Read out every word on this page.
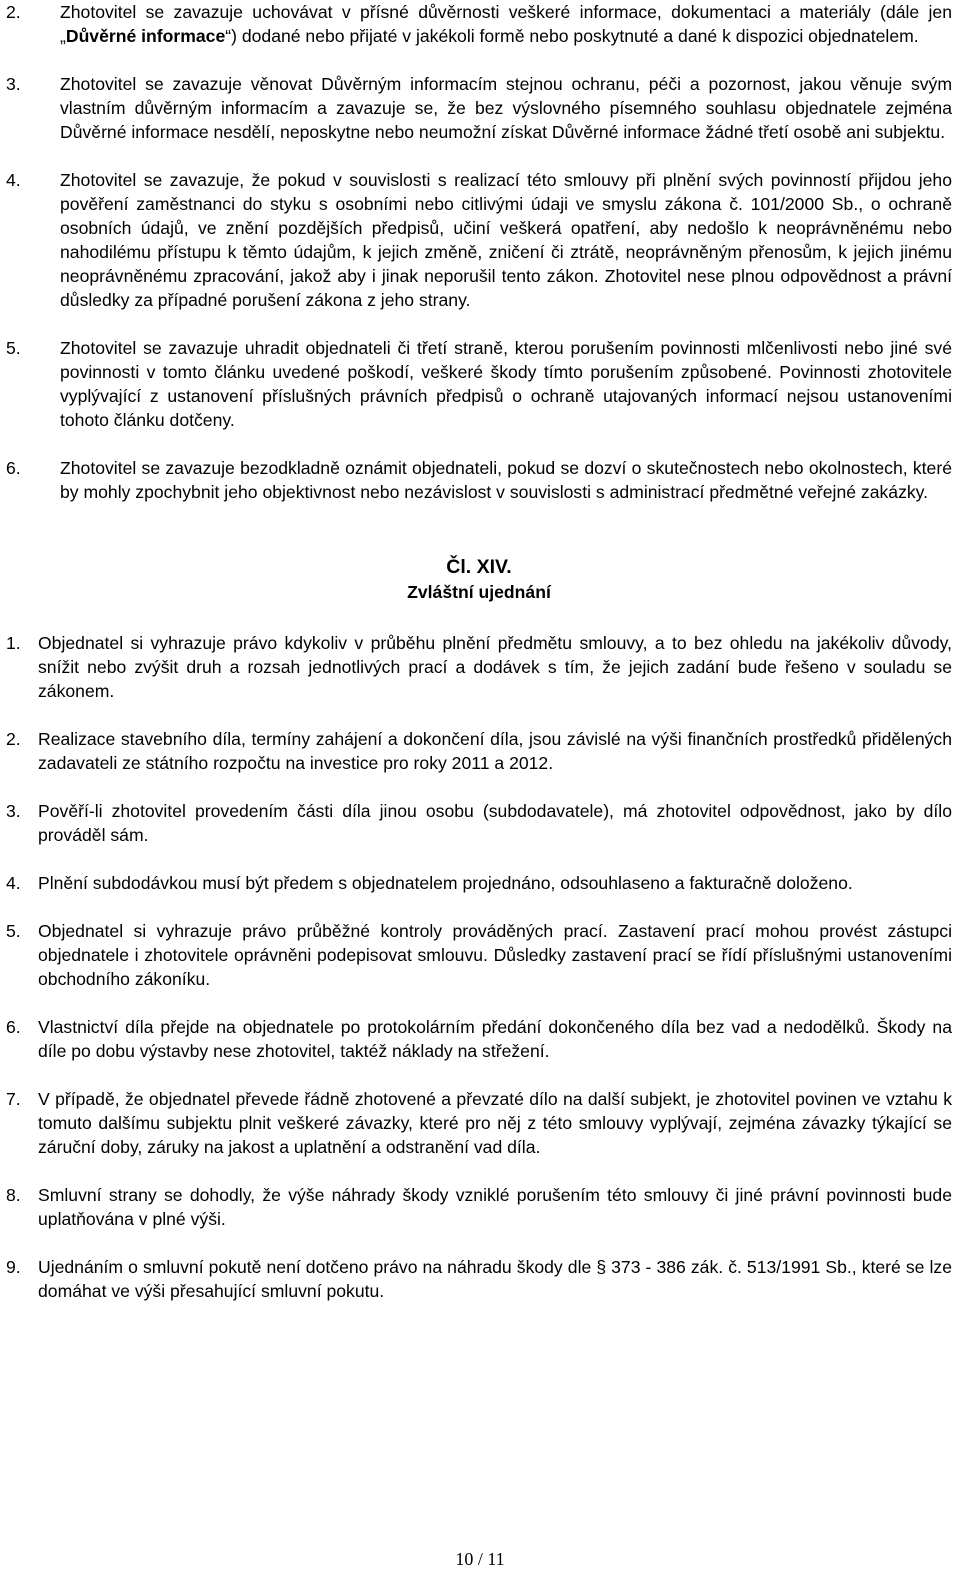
2. Zhotovitel se zavazuje uchovávat v přísné důvěrnosti veškeré informace, dokumentaci a materiály (dále jen „Důvěrné informace“) dodané nebo přijaté v jakékoli formě nebo poskytnuté a dané k dispozici objednatelem.

3. Zhotovitel se zavazuje věnovat Důvěrným informacím stejnou ochranu, péči a pozornost, jakou věnuje svým vlastním důvěrným informacím a zavazuje se, že bez výslovného písemného souhlasu objednatele zejména Důvěrné informace nesdělí, neposkytne nebo neumožní získat Důvěrné informace žádné třetí osobě ani subjektu.

4. Zhotovitel se zavazuje, že pokud v souvislosti s realizací této smlouvy při plnění svých povinností přijdou jeho pověření zaměstnanci do styku s osobními nebo citlivými údaji ve smyslu zákona č. 101/2000 Sb., o ochraně osobních údajů, ve znění pozdějších předpisů, učiní veškerá opatření, aby nedošlo k neoprávněnému nebo nahodilému přístupu k těmto údajům, k jejich změně, zničení či ztrátě, neoprávněným přenosům, k jejich jinému neoprávněnému zpracování, jakož aby i jinak neporušil tento zákon. Zhotovitel nese plnou odpovědnost a právní důsledky za případné porušení zákona z jeho strany.

5. Zhotovitel se zavazuje uhradit objednateli či třetí straně, kterou porušením povinnosti mlčenlivosti nebo jiné své povinnosti v tomto článku uvedené poškodí, veškeré škody tímto porušením způsobené. Povinnosti zhotovitele vyplývající z ustanovení příslušných právních předpisů o ochraně utajovaných informací nejsou ustanoveními tohoto článku dotčeny.

6. Zhotovitel se zavazuje bezodkladně oznámit objednateli, pokud se dozví o skutečnostech nebo okolnostech, které by mohly zpochybnit jeho objektivnost nebo nezávislost v souvislosti s administrací předmětné veřejné zakázky.

Čl. XIV.

Zvláštní ujednání

1. Objednatel si vyhrazuje právo kdykoliv v průběhu plnění předmětu smlouvy, a to bez ohledu na jakékoliv důvody, snížit nebo zvýšit druh a rozsah jednotlivých prací a dodávek s tím, že jejich zadání bude řešeno v souladu se zákonem.

2. Realizace stavebního díla, termíny zahájení a dokončení díla, jsou závislé na výši finančních prostředků přidělených zadavateli ze státního rozpočtu na investice pro roky 2011 a 2012.

3. Pověří-li zhotovitel provedením části díla jinou osobu (subdodavatele), má zhotovitel odpovědnost, jako by dílo prováděl sám.

4. Plnění subdodávkou musí být předem s objednatelem projednáno, odsouhlaseno a fakturačně doloženo.

5. Objednatel si vyhrazuje právo průběžné kontroly prováděných prací. Zastavení prací mohou provést zástupci objednatele i zhotovitele oprávněni podepisovat smlouvu. Důsledky zastavení prací se řídí příslušnými ustanoveními obchodního zákoníku.

6. Vlastnictví díla přejde na objednatele po protokolárním předání dokončeného díla bez vad a nedodělků. Škody na díle po dobu výstavby nese zhotovitel, taktéž náklady na střežení.

7. V případě, že objednatel převede řádně zhotovené a převzaté dílo na další subjekt, je zhotovitel povinen ve vztahu k tomuto dalšímu subjektu plnit veškeré závazky, které pro něj z této smlouvy vyplývají, zejména závazky týkající se záruční doby, záruky na jakost a uplatnění a odstranění vad díla.

8. Smluvní strany se dohodly, že výše náhrady škody vzniklé porušením této smlouvy či jiné právní povinnosti bude uplatňována v plné výši.

9. Ujednáním o smluvní pokutě není dotčeno právo na náhradu škody dle § 373 - 386 zák. č. 513/1991 Sb., které se lze domáhat ve výši přesahující smluvní pokutu.

10 / 11
